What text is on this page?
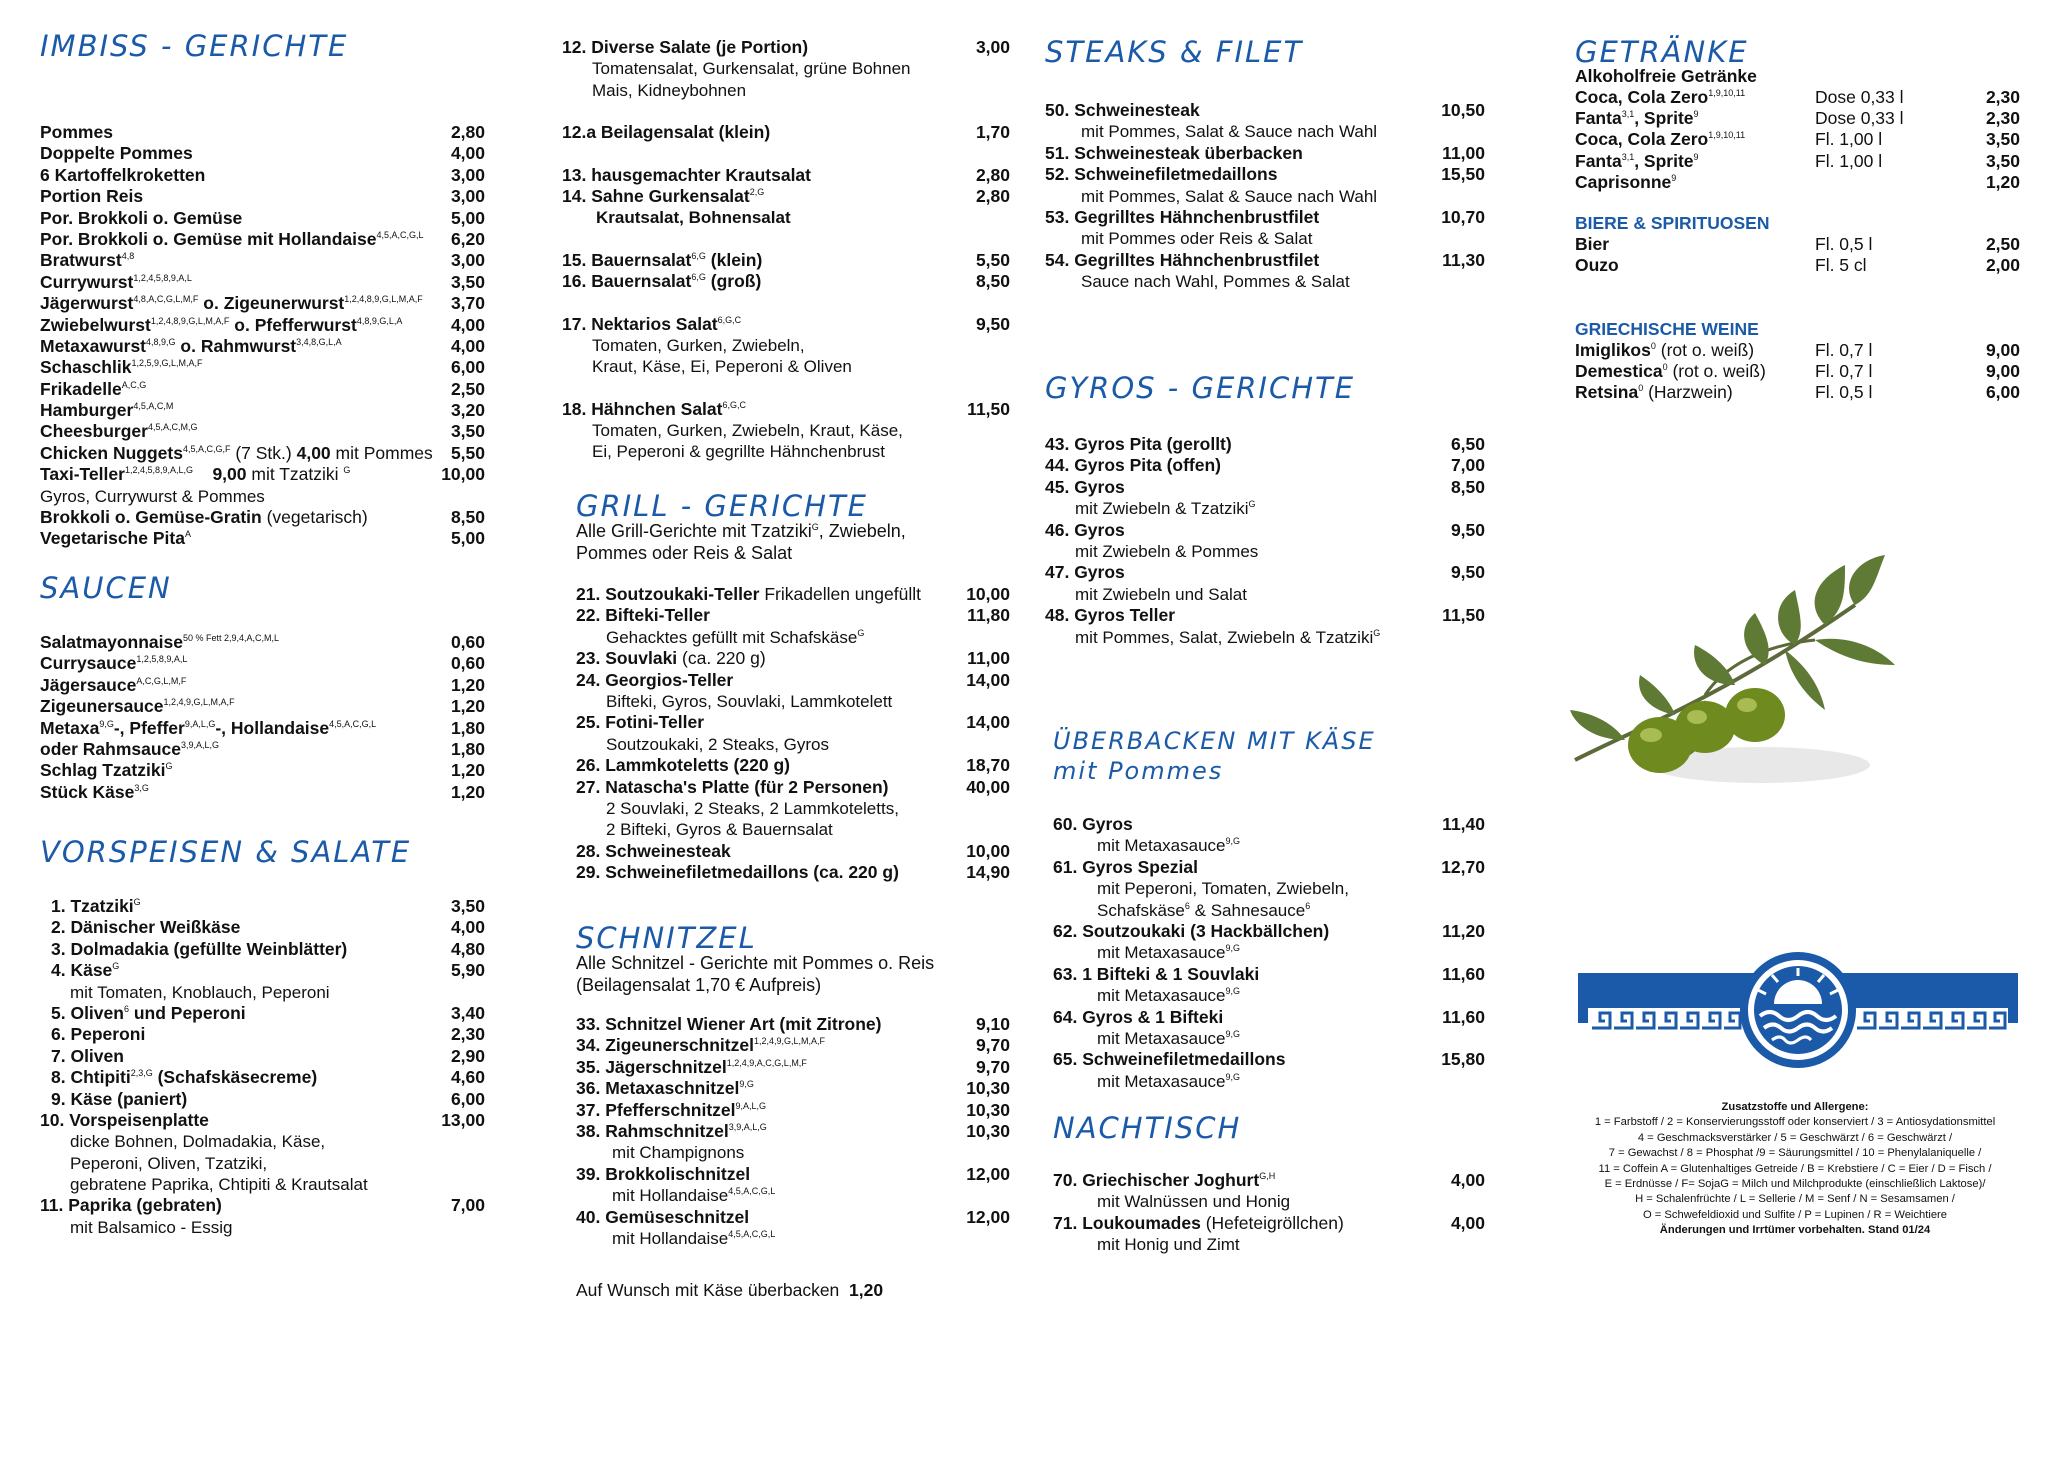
IMBISS - GERICHTE
Pommes	2,80
Doppelte Pommes	4,00
6 Kartoffelkroketten	3,00
Portion Reis	3,00
Por. Brokkoli o. Gemüse	5,00
Por. Brokkoli o. Gemüse mit Hollandaise$^{4,5,A,C,G,L}$ 6,20
Bratwurst$^{4,8}$	3,00
Currywurst$^{1,2,4,5,8,9,A,L}$	3,50
Jägerwurst$^{4,8,A,C,G,L,M,F}$ o. Zigeunerwurst$^{1,2,4,8,9,G,L,M,A,F}$ 3,70
Zwiebelwurst$^{1,2,4,8,9,G,L,M,A,F}$ o. Pfefferwurst$^{4,8,9,G,L,A}$	4,00
Metaxawurst$^{4,8,9,G}$ o. Rahmwurst$^{3,4,8,G,L,A}$	4,00
Schaschlik$^{1,2,5,9,G,L,M,A,F}$	6,00
Frikadelle$^{A,C,G}$	2,50
Hamburger$^{4,5,A,C,M}$	3,20
Cheesburger$^{4,5,A,C,M,G}$	3,50
Chicken Nuggets$^{4,5,A,C,G,F}$ (7 Stk.) 4,00 mit Pommes 5,50
Taxi-Teller$^{1,2,4,5,8,9,A,L,G}$ 9,00 mit Tzatziki $^G$	10,00
Gyros, Currywurst & Pommes
Brokkoli o. Gemüse-Gratin (vegetarisch)	8,50
Vegetarische Pita$^A$	5,00
SAUCEN
Salatmayonnaise$^{50 \% Fett 2,9,4,A,C,M,L}$	0,60
Currysauce$^{1,2,5,8,9,A,L}$	0,60
Jägersauce$^{A,C,G,L,M,F}$	1,20
Zigeunersauce$^{1,2,4,9,G,L,M,A,F}$	1,20
Metaxa$^{9,G}$-, Pfeffer$^{9,A,L,G}$-, Hollandaise$^{4,5,A,C,G,L}$	1,80
oder Rahmsauce$^{3,9,A,L,G}$	1,80
Schlag Tzatziki$^G$	1,20
Stück Käse$^{3,G}$	1,20
VORSPEISEN & SALATE
1. Tzatziki$^G$	3,50
2. Dänischer Weißkäse	4,00
3. Dolmadakia (gefüllte Weinblätter)	4,80
4. Käse$^G$	5,90
mit Tomaten, Knoblauch, Peperoni
5. Oliven$^6$ und Peperoni	3,40
6. Peperoni	2,30
7. Oliven	2,90
8. Chtipiti$^{2,3,G}$ (Schafskäsecreme)	4,60
9. Käse (paniert)	6,00
10. Vorspeisenplatte	13,00
dicke Bohnen, Dolmadakia, Käse,
Peperoni, Oliven, Tzatziki,
gebratene Paprika, Chtipiti & Krautsalat
11. Paprika (gebraten)	7,00
mit Balsamico - Essig
12. Diverse Salate (je Portion)	3,00
Tomatensalat, Gurkensalat, grüne Bohnen
Mais, Kidneybohnen
12.a Beilagensalat (klein)	1,70
13. hausgemachter Krautsalat	2,80
14. Sahne Gurkensalat$^{2,G}$	2,80
Krautsalat, Bohnensalat
15. Bauernsalat$^{6,G}$ (klein)	5,50
16. Bauernsalat$^{6,G}$ (groß)	8,50
17. Nektarios Salat$^{6,G,C}$	9,50
Tomaten, Gurken, Zwiebeln,
Kraut, Käse, Ei, Peperoni & Oliven
18. Hähnchen Salat$^{6,G,C}$	11,50
Tomaten, Gurken, Zwiebeln, Kraut, Käse,
Ei, Peperoni & gegrillte Hähnchenbrust
GRILL - GERICHTE
Alle Grill-Gerichte mit Tzatziki$^G$, Zwiebeln,
Pommes oder Reis & Salat
21. Soutzoukaki-Teller Frikadellen ungefüllt	10,00
22. Bifteki-Teller	11,80
Gehacktes gefüllt mit Schafskäse$^G$
23. Souvlaki (ca. 220 g)	11,00
24. Georgios-Teller	14,00
Bifteki, Gyros, Souvlaki, Lammkotelett
25. Fotini-Teller	14,00
Soutzoukaki, 2 Steaks, Gyros
26. Lammkoteletts (220 g)	18,70
27. Natascha's Platte (für 2 Personen)	40,00
2 Souvlaki, 2 Steaks, 2 Lammkoteletts,
2 Bifteki, Gyros & Bauernsalat
28. Schweinesteak	10,00
29. Schweinefiletmedaillons (ca. 220 g)	14,90
SCHNITZEL
Alle Schnitzel - Gerichte mit Pommes o. Reis
(Beilagensalat 1,70 € Aufpreis)
33. Schnitzel Wiener Art (mit Zitrone)	9,10
34. Zigeunerschnitzel$^{1,2,4,9,G,L,M,A,F}$	9,70
35. Jägerschnitzel$^{1,2,4,9,A,C,G,L,M,F}$	9,70
36. Metaxaschnitzel$^{9,G}$	10,30
37. Pfefferschnitzel$^{9,A,L,G}$	10,30
38. Rahmschnitzel$^{3,9,A,L,G}$	10,30
mit Champignons
39. Brokkolischnitzel	12,00
mit Hollandaise$^{4,5,A,C,G,L}$
40. Gemüseschnitzel	12,00
mit Hollandaise$^{4,5,A,C,G,L}$
Auf Wunsch mit Käse überbacken 1,20
STEAKS & FILET
50. Schweinesteak	10,50
mit Pommes, Salat & Sauce nach Wahl
51. Schweinesteak überbacken	11,00
52. Schweinefiletmedaillons	15,50
mit Pommes, Salat & Sauce nach Wahl
53. Gegrilltes Hähnchenbrustfilet	10,70
mit Pommes oder Reis & Salat
54. Gegrilltes Hähnchenbrustfilet	11,30
Sauce nach Wahl, Pommes & Salat
GYROS - GERICHTE
43. Gyros Pita (gerollt)	6,50
44. Gyros Pita (offen)	7,00
45. Gyros	8,50
mit Zwiebeln & Tzatziki$^G$
46. Gyros	9,50
mit Zwiebeln & Pommes
47. Gyros	9,50
mit Zwiebeln und Salat
48. Gyros Teller	11,50
mit Pommes, Salat, Zwiebeln & Tzatziki$^G$
ÜBERBACKEN MIT KÄSE
mit Pommes
60. Gyros	11,40
mit Metaxasauce$^{9,G}$
61. Gyros Spezial	12,70
mit Peperoni, Tomaten, Zwiebeln,
Schafskäse$^6$ & Sahnesauce$^6$
62. Soutzoukaki (3 Hackbällchen)	11,20
mit Metaxasauce$^{9,G}$
63. 1 Bifteki & 1 Souvlaki	11,60
mit Metaxasauce$^{9,G}$
64. Gyros & 1 Bifteki	11,60
mit Metaxasauce$^{9,G}$
65. Schweinefiletmedaillons	15,80
mit Metaxasauce$^{9,G}$
NACHTISCH
70. Griechischer Joghurt$^{G,H}$	4,00
mit Walnüssen und Honig
71. Loukoumades (Hefeteigröllchen)	4,00
mit Honig und Zimt
GETRÄNKE
Alkoholfreie Getränke
Coca, Cola Zero$^{1,9,10,11}$	Dose 0,33 l	2,30
Fanta$^{3,1}$, Sprite$^9$	Dose 0,33 l	2,30
Coca, Cola Zero$^{1,9,10,11}$	Fl. 1,00 l	3,50
Fanta$^{3,1}$, Sprite$^9$	Fl. 1,00 l	3,50
Caprisonne$^9$	1,20
BIERE & SPIRITUOSEN
Bier	Fl. 0,5 l	2,50
Ouzo	Fl. 5 cl	2,00
GRIECHISCHE WEINE
Imiglikos$^0$ (rot o. weiß)	Fl. 0,7 l	9,00
Demestica$^0$ (rot o. weiß)	Fl. 0,7 l	9,00
Retsina$^0$ (Harzwein)	Fl. 0,5 l	6,00
Zusatzstoffe und Allergene:
1 = Farbstoff / 2 = Konservierungsstoff oder konserviert / 3 = Antiosydationsmittel
4 = Geschmacksverstärker / 5 = Geschwärzt / 6 = Geschwärzt /
7 = Gewachst / 8 = Phosphat /9 = Säurungsmittel / 10 = Phenylalaniquelle /
11 = Coffein A = Glutenhaltiges Getreide / B = Krebstiere / C = Eier / D = Fisch /
E = Erdnüsse / F= SojaG = Milch und Milchprodukte (einschließlich Laktose)/
H = Schalenfrüchte / L = Sellerie / M = Senf / N = Sesamsamen /
O = Schwefeldioxid und Sulfite / P = Lupinen / R = Weichtiere
Änderungen und Irrtümer vorbehalten. Stand 01/24
